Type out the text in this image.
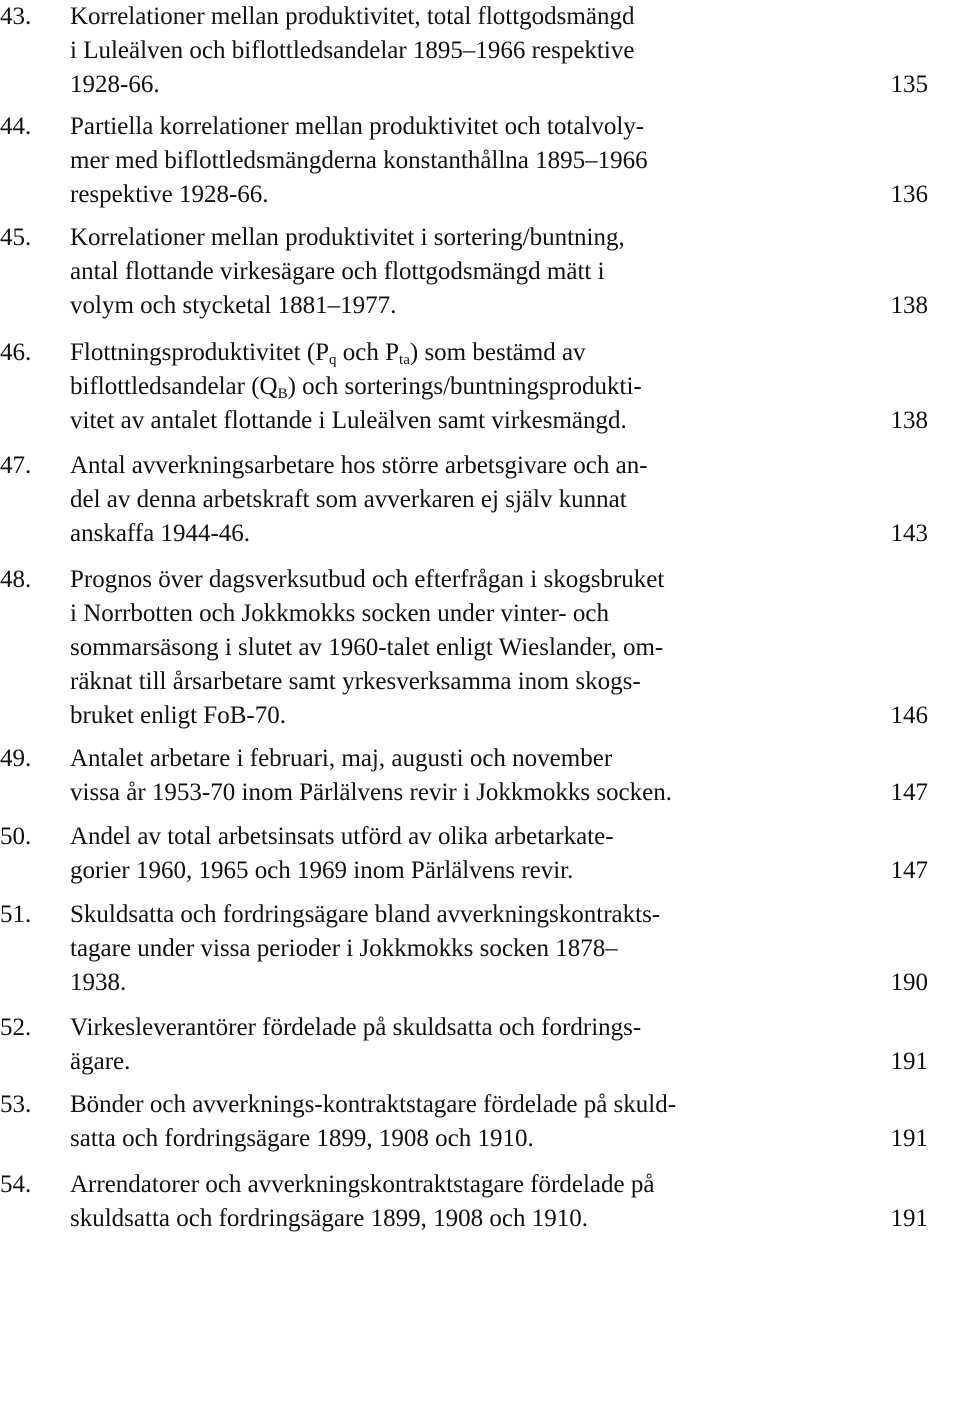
43. Korrelationer mellan produktivitet, total flottgodsmängd
i Luleälven och biflottledsandelar 1895–1966 respektive
1928-66.	135
44. Partiella korrelationer mellan produktivitet och totalvoly-
mer med biflottledsmängderna konstanthållna 1895–1966
respektive 1928-66.	136
45. Korrelationer mellan produktivitet i sortering/buntning,
antal flottande virkesägare och flottgodsmängd mätt i
volym och stycketal 1881–1977.	138
46. Flottningsproduktivitet ($P_q$ och $P_{ta}$) som bestämd av
biflottledsandelar $(Q_B)$ och sorterings/buntningsprodukti-
vitet av antalet flottande i Luleälven samt virkesmängd.	138
47. Antal avverkningsarbetare hos större arbetsgivare och an-
del av denna arbetskraft som avverkaren ej själv kunnat
anskaffa 1944-46.	143
48. Prognos över dagsverksutbud och efterfrågan i skogsbruket
i Norrbotten och Jokkmokks socken under vinter- och
sommarsäsong i slutet av 1960-talet enligt Wieslander, om-
räknat till årsarbetare samt yrkesverksamma inom skogs-
bruket enligt FoB-70.	146
49. Antalet arbetare i februari, maj, augusti och november
vissa år 1953-70 inom Pärlälvens revir i Jokkmokks socken.	147
50. Andel av total arbetsinsats utförd av olika arbetarkate-
gorier 1960, 1965 och 1969 inom Pärlälvens revir.	147
51. Skuldsatta och fordringsägare bland avverkningskontrakts-
tagare under vissa perioder i Jokkmokks socken 1878–
1938.	190
52. Virkesleverantörer fördelade på skuldsatta och fordrings-
ägare.	191
53. Bönder och avverknings-kontraktstagare fördelade på skuld-
satta och fordringsägare 1899, 1908 och 1910.	191
54. Arrendatorer och avverkningskontraktstagare fördelade på
skuldsatta och fordringsägare 1899, 1908 och 1910.	191
